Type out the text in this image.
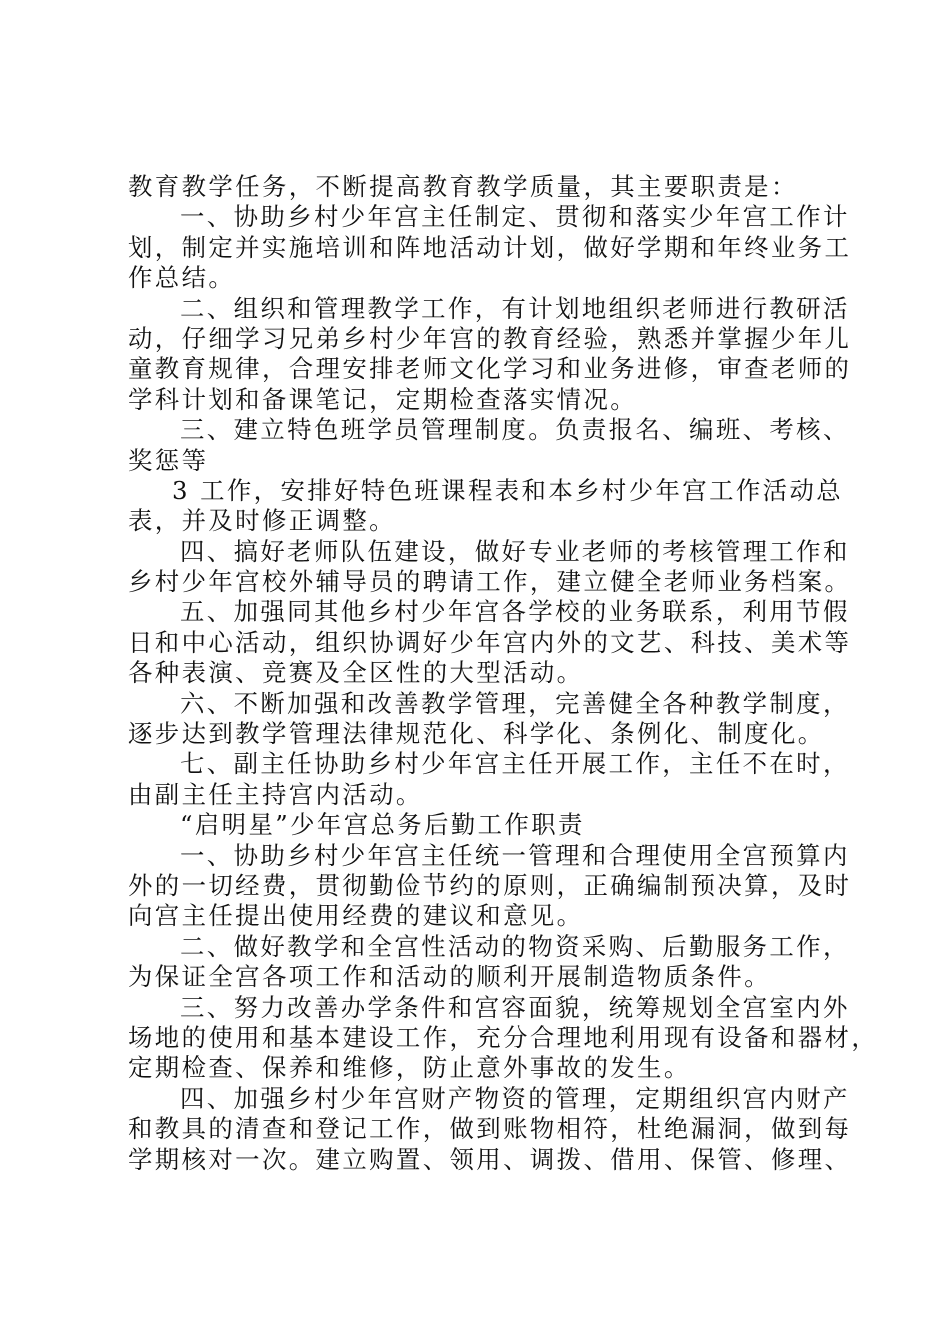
教育教学任务，不断提高教育教学质量，其主要职责是：
一、协助乡村少年宫主任制定、贯彻和落实少年宫工作计
划，制定并实施培训和阵地活动计划，做好学期和年终业务工
作总结。
二、组织和管理教学工作，有计划地组织老师进行教研活
动，仔细学习兄弟乡村少年宫的教育经验，熟悉并掌握少年儿
童教育规律，合理安排老师文化学习和业务进修，审查老师的
学科计划和备课笔记，定期检查落实情况。
三、建立特色班学员管理制度。负责报名、编班、考核、
奖惩等
3 工作，安排好特色班课程表和本乡村少年宫工作活动总
表，并及时修正调整。
四、搞好老师队伍建设，做好专业老师的考核管理工作和
乡村少年宫校外辅导员的聘请工作，建立健全老师业务档案。
五、加强同其他乡村少年宫各学校的业务联系，利用节假
日和中心活动，组织协调好少年宫内外的文艺、科技、美术等
各种表演、竞赛及全区性的大型活动。
六、不断加强和改善教学管理，完善健全各种教学制度，
逐步达到教学管理法律规范化、科学化、条例化、制度化。
七、副主任协助乡村少年宫主任开展工作，主任不在时，
由副主任主持宫内活动。
“启明星”少年宫总务后勤工作职责
一、协助乡村少年宫主任统一管理和合理使用全宫预算内
外的一切经费，贯彻勤俭节约的原则，正确编制预决算，及时
向宫主任提出使用经费的建议和意见。
二、做好教学和全宫性活动的物资采购、后勤服务工作，
为保证全宫各项工作和活动的顺利开展制造物质条件。
三、努力改善办学条件和宫容面貌，统筹规划全宫室内外
场地的使用和基本建设工作，充分合理地利用现有设备和器材，
定期检查、保养和维修，防止意外事故的发生。
四、加强乡村少年宫财产物资的管理，定期组织宫内财产
和教具的清查和登记工作，做到账物相符，杜绝漏洞，做到每
学期核对一次。建立购置、领用、调拨、借用、保管、修理、
